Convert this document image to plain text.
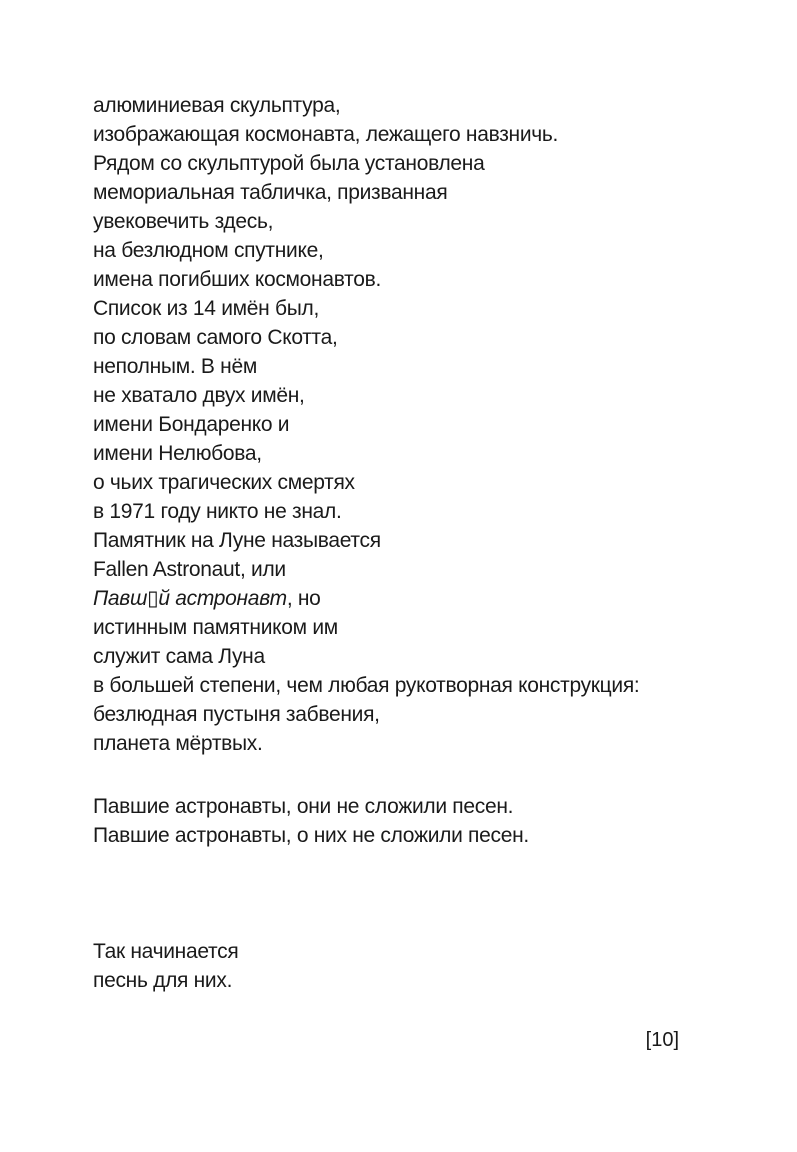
алюминиевая скульптура,
изображающая космонавта, лежащего навзничь.
Рядом со скульптурой была установлена
мемориальная табличка, призванная
увековечить здесь,
на безлюдном спутнике,
имена погибших космонавтов.
Список из 14 имён был,
по словам самого Скотта,
неполным. В нём
не хватало двух имён,
имени Бондаренко и
имени Нелюбова,
о чьих трагических смертях
в 1971 году никто не знал.
Памятник на Луне называется
Fallen Astronaut, или
Павш▯й астронавт, но
истинным памятником им
служит сама Луна
в большей степени, чем любая рукотворная конструкция:
безлюдная пустыня забвения,
планета мёртвых.
Павшие астронавты, они не сложили песен.
Павшие астронавты, о них не сложили песен.
Так начинается
песнь для них.
[10]
